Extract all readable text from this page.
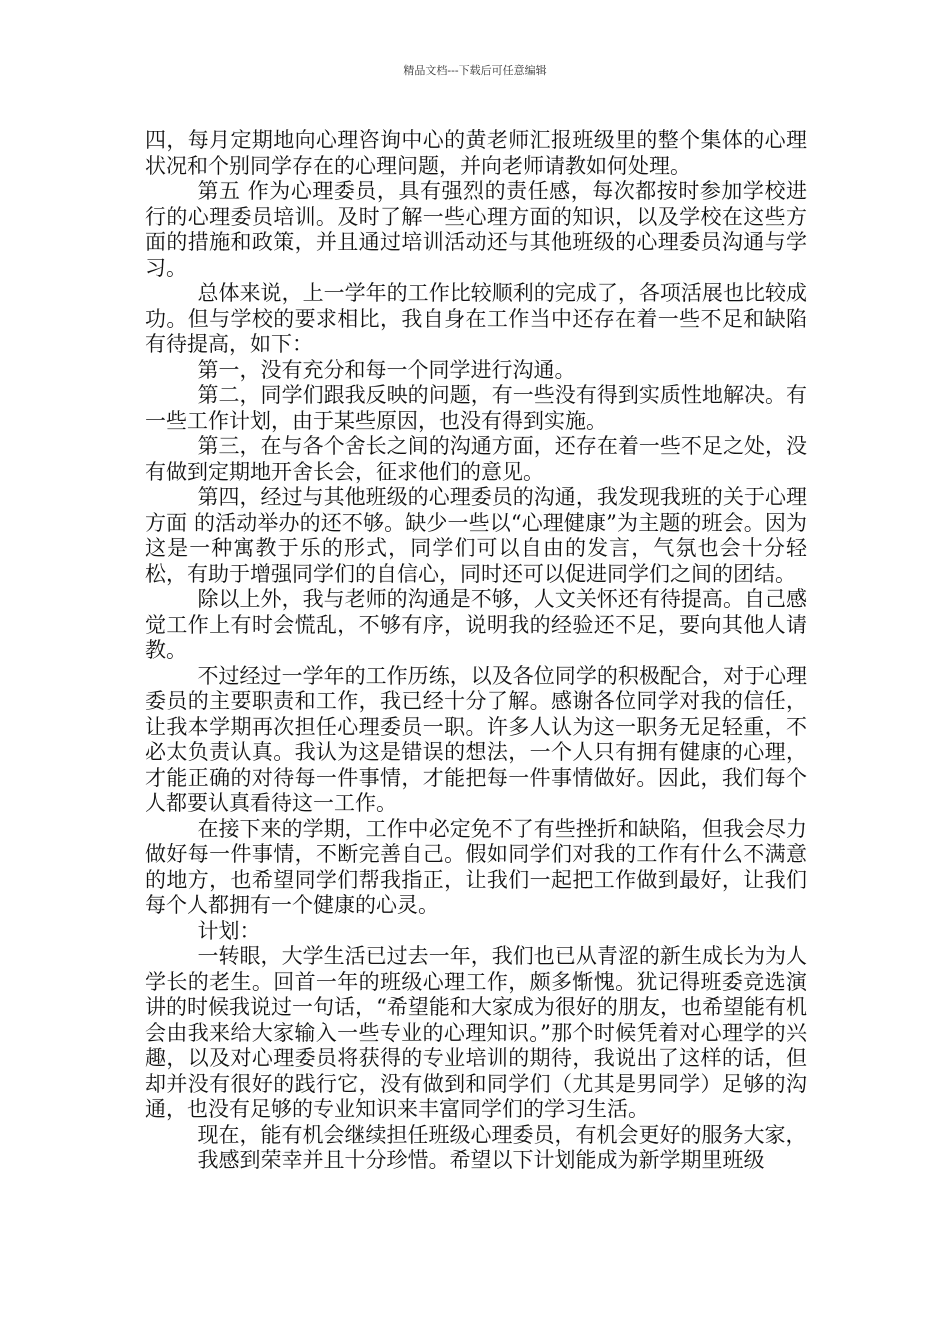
精品文档---下载后可任意编辑

四，每月定期地向心理咨询中心的黄老师汇报班级里的整个集体的心理状况和个别同学存在的心理问题，并向老师请教如何处理。

第五 作为心理委员，具有强烈的责任感，每次都按时参加学校进行的心理委员培训。及时了解一些心理方面的知识，以及学校在这些方面的措施和政策，并且通过培训活动还与其他班级的心理委员沟通与学习。

总体来说，上一学年的工作比较顺利的完成了，各项活展也比较成功。但与学校的要求相比，我自身在工作当中还存在着一些不足和缺陷有待提高，如下：

第一，没有充分和每一个同学进行沟通。

第二，同学们跟我反映的问题，有一些没有得到实质性地解决。有一些工作计划，由于某些原因，也没有得到实施。

第三，在与各个舍长之间的沟通方面，还存在着一些不足之处，没有做到定期地开舍长会，征求他们的意见。

第四，经过与其他班级的心理委员的沟通，我发现我班的关于心理方面 的活动举办的还不够。缺少一些以“心理健康”为主题的班会。因为这是一种寓教于乐的形式，同学们可以自由的发言，气氛也会十分轻松，有助于增强同学们的自信心，同时还可以促进同学们之间的团结。

除以上外，我与老师的沟通是不够，人文关怀还有待提高。自己感觉工作上有时会慌乱，不够有序，说明我的经验还不足，要向其他人请教。

不过经过一学年的工作历练，以及各位同学的积极配合，对于心理委员的主要职责和工作，我已经十分了解。感谢各位同学对我的信任，让我本学期再次担任心理委员一职。许多人认为这一职务无足轻重，不必太负责认真。我认为这是错误的想法，一个人只有拥有健康的心理，才能正确的对待每一件事情，才能把每一件事情做好。因此，我们每个人都要认真看待这一工作。

在接下来的学期，工作中必定免不了有些挫折和缺陷，但我会尽力做好每一件事情，不断完善自己。假如同学们对我的工作有什么不满意的地方，也希望同学们帮我指正，让我们一起把工作做到最好，让我们每个人都拥有一个健康的心灵。

计划：

一转眼，大学生活已过去一年，我们也已从青涩的新生成长为为人学长的老生。回首一年的班级心理工作，颇多惭愧。犹记得班委竞选演讲的时候我说过一句话，“希望能和大家成为很好的朋友，也希望能有机会由我来给大家输入一些专业的心理知识。”那个时候凭着对心理学的兴趣，以及对心理委员将获得的专业培训的期待，我说出了这样的话，但却并没有很好的践行它，没有做到和同学们（尤其是男同学）足够的沟通，也没有足够的专业知识来丰富同学们的学习生活。

现在，能有机会继续担任班级心理委员，有机会更好的服务大家，

我感到荣幸并且十分珍惜。希望以下计划能成为新学期里班级
